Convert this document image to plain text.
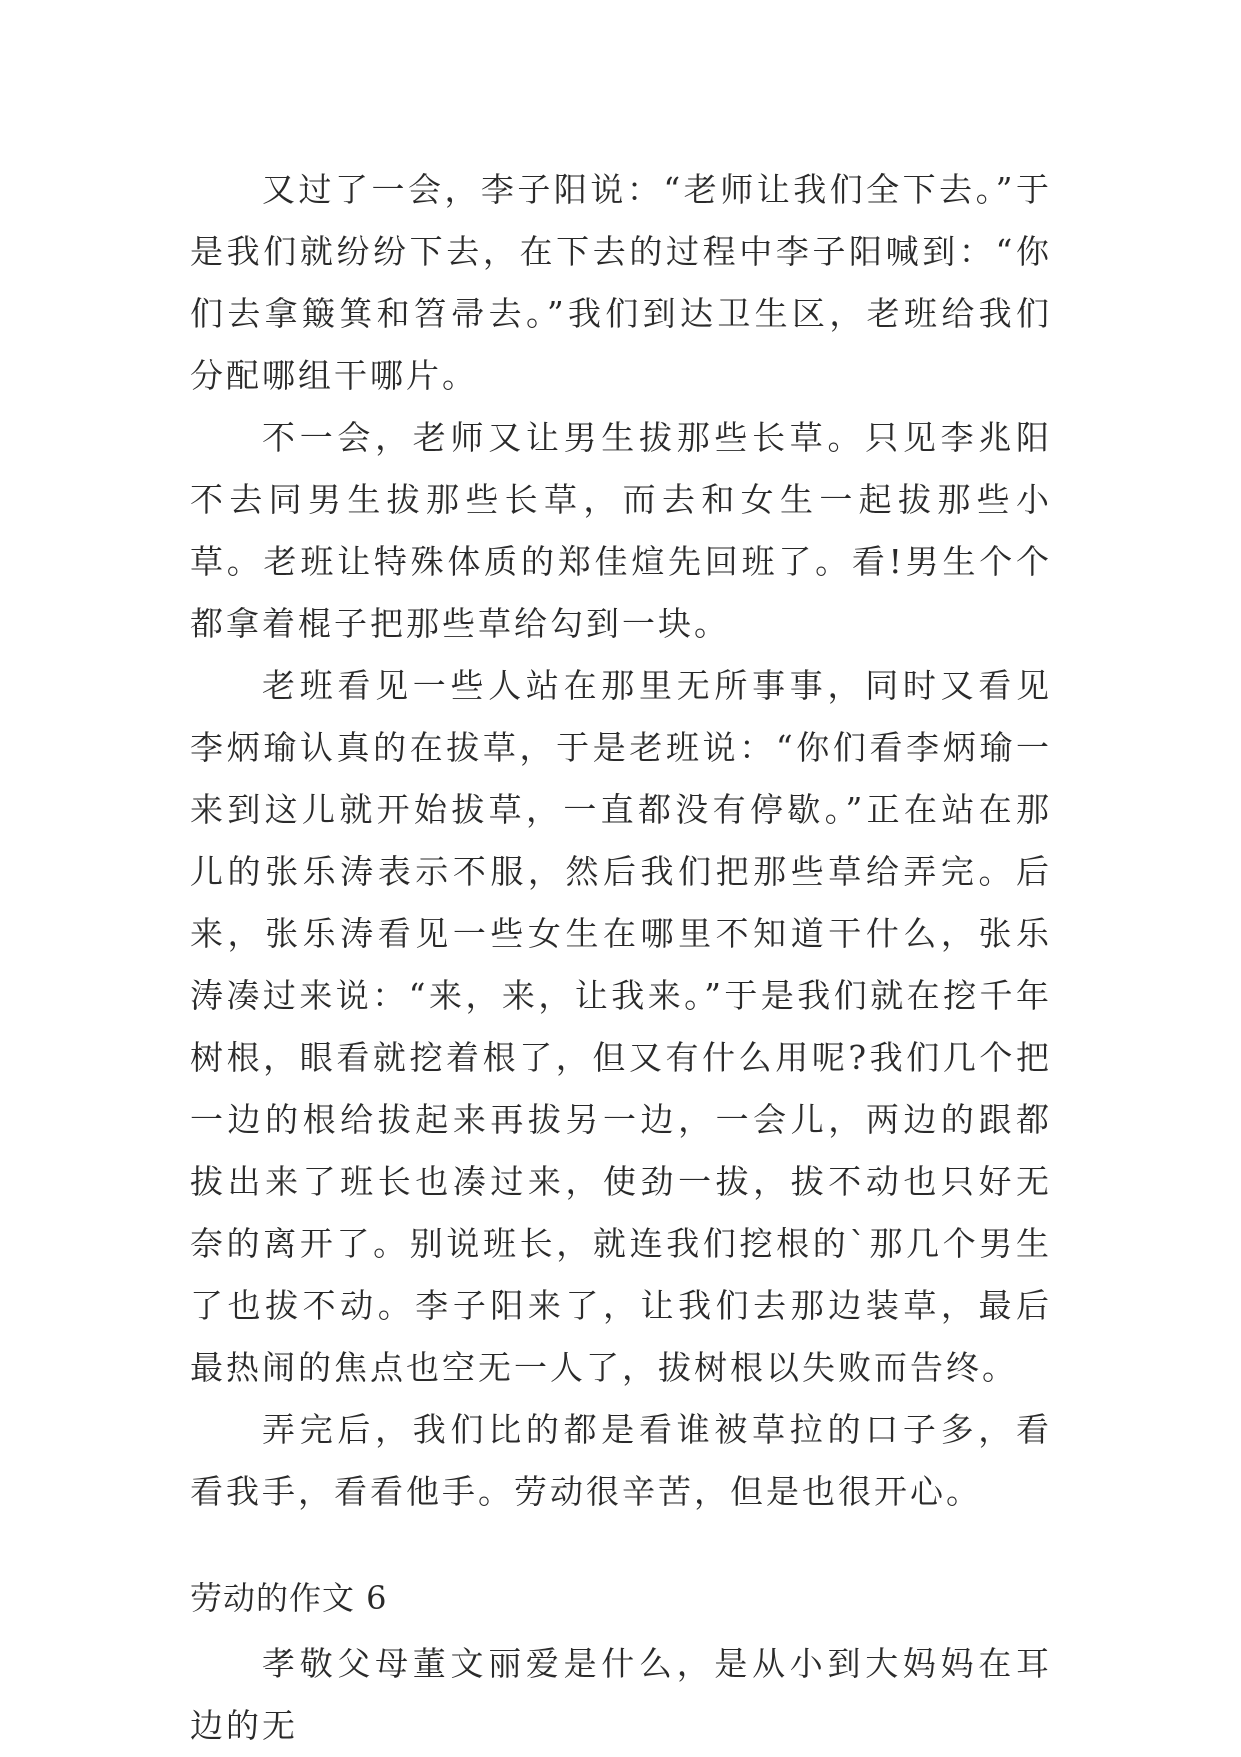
又过了一会，李子阳说：“老师让我们全下去。”于是我们就纷纷下去，在下去的过程中李子阳喊到：“你们去拿簸箕和笤帚去。”我们到达卫生区，老班给我们分配哪组干哪片。

不一会，老师又让男生拔那些长草。只见李兆阳不去同男生拔那些长草，而去和女生一起拔那些小草。老班让特殊体质的郑佳煊先回班了。看!男生个个都拿着棍子把那些草给勾到一块。

老班看见一些人站在那里无所事事，同时又看见李炳瑜认真的在拔草，于是老班说：“你们看李炳瑜一来到这儿就开始拔草，一直都没有停歇。”正在站在那儿的张乐涛表示不服，然后我们把那些草给弄完。后来，张乐涛看见一些女生在哪里不知道干什么，张乐涛凑过来说：“来，来，让我来。”于是我们就在挖千年树根，眼看就挖着根了，但又有什么用呢?我们几个把一边的根给拔起来再拔另一边，一会儿，两边的跟都拔出来了班长也凑过来，使劲一拔，拔不动也只好无奈的离开了。别说班长，就连我们挖根的`那几个男生了也拔不动。李子阳来了，让我们去那边装草，最后最热闹的焦点也空无一人了，拔树根以失败而告终。

弄完后，我们比的都是看谁被草拉的口子多，看看我手，看看他手。劳动很辛苦，但是也很开心。

劳动的作文 6

孝敬父母董文丽爱是什么，是从小到大妈妈在耳边的无
